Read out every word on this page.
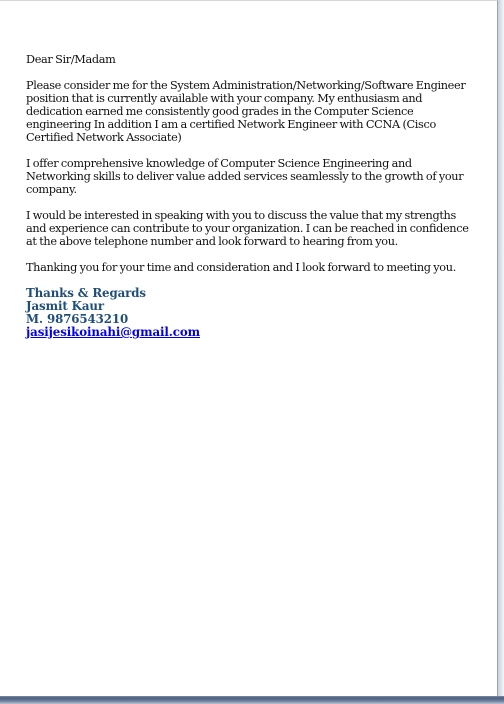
Dear Sir/Madam

Please consider me for the System Administration/Networking/Software Engineer position that is currently available with your company. My enthusiasm and dedication earned me consistently good grades in the Computer Science engineering In addition I am a certified Network Engineer with CCNA (Cisco Certified Network Associate)

I offer comprehensive knowledge of Computer Science Engineering and Networking skills to deliver value added services seamlessly to the growth of your company.

I would be interested in speaking with you to discuss the value that my strengths and experience can contribute to your organization. I can be reached in confidence at the above telephone number and look forward to hearing from you.

Thanking you for your time and consideration and I look forward to meeting you.

Thanks & Regards

Jasmit Kaur

M. 9876543210

jasijesikoinahi@gmail.com
